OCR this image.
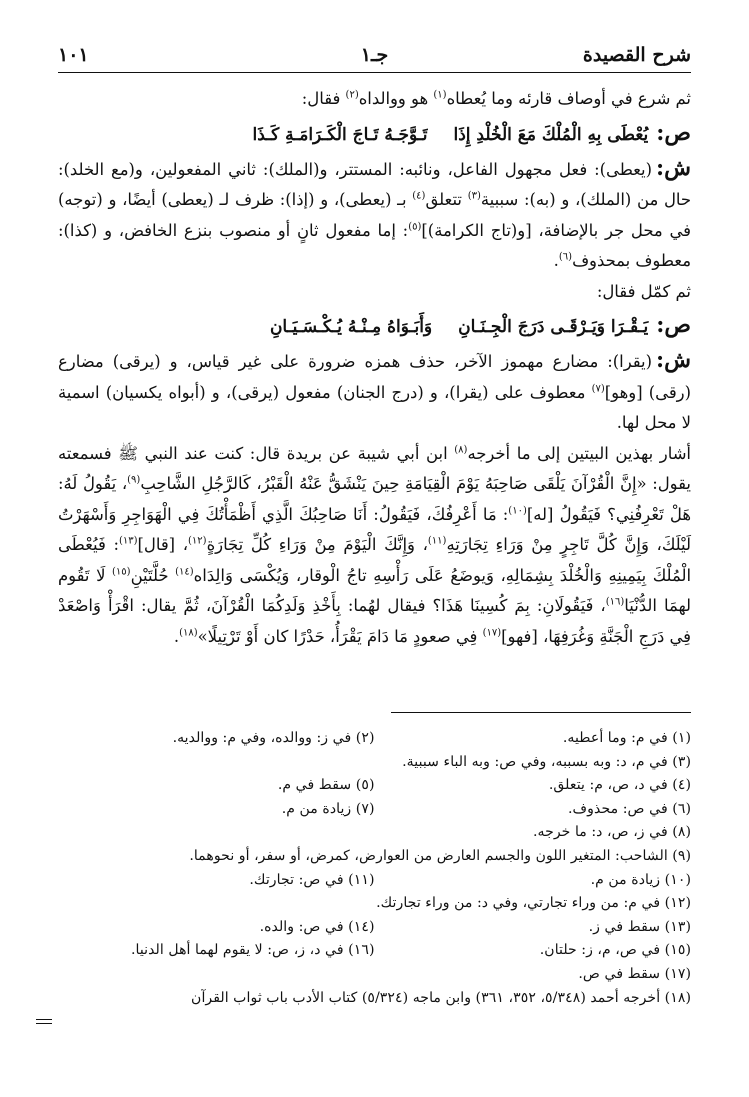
شرح القصيدة
جـ١
١٠١

ثم شرع في أوصاف قارئه وما يُعطاه$^{(١)}$ هو ووالداه$^{(٢)}$ فقال:

ص:يُعْطَى بِهِ الْمُلْكَ مَعَ الْخُلْدِ إِذَاتَـوَّجَـهُ تَـاجَ الْكَـرَامَـةِ كَـذَا

ش:(يعطى): فعل مجهول الفاعل، ونائبه: المستتر، و(الملك): ثاني المفعولين، و(مع الخلد): حال من (الملك)، و (به): سببية$^{(٣)}$ تتعلق$^{(٤)}$ بـ (يعطى)، و (إذا): ظرف لـ (يعطى) أيضًا، و (توجه) في محل جر بالإضافة، [و(تاج الكرامة)]$^{(٥)}$: إما مفعول ثانٍ أو منصوب بنزع الخافض، و (كذا): معطوف بمحذوف$^{(٦)}$.

ثم كمّل فقال:

ص:يَـقْـرَا وَيَـرْقَـى دَرَجَ الْجِـنَـانِوَأَبَـوَاهُ مِـنْـهُ يُـكْـسَـيَـانِ

ش:(يقرا): مضارع مهموز الآخر، حذف همزه ضرورة على غير قياس، و (يرقى) مضارع (رقى) [وهو]$^{(٧)}$ معطوف على (يقرا)، و (درج الجنان) مفعول (يرقى)، و (أبواه يكسيان) اسمية لا محل لها.

أشار بهذين البيتين إلى ما أخرجه$^{(٨)}$ ابن أبي شيبة عن بريدة قال: كنت عند النبي ﷺ فسمعته يقول: «إِنَّ الْقُرْآنَ يَلْقَى صَاحِبَهُ يَوْمَ الْقِيَامَةِ حِينَ يَنْشَقُّ عَنْهُ الْقَبْرُ، كَالرَّجُلِ الشَّاحِبِ$^{(٩)}$، يَقُولُ لَهُ: هَلْ تَعْرِفُنِي؟ فَيَقُولُ [له]$^{(١٠)}$: مَا أَعْرِفُكَ، فَيَقُولُ: أَنَا صَاحِبُكَ الَّذِي أَظْمَأْتُكَ فِي الْهَوَاجِرِ وَأَسْهَرْتُ لَيْلَكَ، وَإِنَّ كُلَّ تَاجِرٍ مِنْ وَرَاءِ تِجَارَتِهِ$^{(١١)}$، وَإِنَّكَ الْيَوْمَ مِنْ وَرَاءِ كُلِّ تِجَارَةٍ$^{(١٢)}$، [قال]$^{(١٣)}$: فَيُعْطَى الْمُلْكَ بِيَمِينِهِ وَالْخُلْدَ بِشِمَالِهِ، وَيوضَعُ عَلَى رَأْسِهِ تاجُ الْوقار، وَيُكْسَى وَالِدَاه$^{(١٤)}$ حُلَّتَيْنِ$^{(١٥)}$ لَا تَقُوم لهمَا الدُّنْيَا$^{(١٦)}$، فَيَقُولَانِ: بِمَ كُسِينَا هَذَا؟ فيقال لهُما: بِأَخْذِ وَلَدِكُمَا الْقُرْآنَ، ثُمَّ يقال: اقْرَأْ وَاصْعَدْ فِي دَرَجِ الْجَنَّةِ وَغُرَفِهَا، [فهو]$^{(١٧)}$ فِي صعودٍ مَا دَامَ يَقْرَأُ، حَدْرًا كان أَوْ تَرْتِيلًا»$^{(١٨)}$.

(١) في م: وما أعطيه.
(٢) في ز: ووالده، وفي م: ووالديه.
(٣) في م، د: وبه بسببه، وفي ص: وبه الباء سببية.
(٤) في د، ص، م: يتعلق.
(٥) سقط في م.
(٦) في ص: محذوف.
(٧) زيادة من م.
(٨) في ز، ص، د: ما خرجه.
(٩) الشاحب: المتغير اللون والجسم العارض من العوارض، كمرض، أو سفر، أو نحوهما.
(١٠) زيادة من م.
(١١) في ص: تجارتك.
(١٢) في م: من وراء تجارتي، وفي د: من وراء تجارتك.
(١٣) سقط في ز.
(١٤) في ص: والده.
(١٥) في ص، م، ز: حلتان.
(١٦) في د، ز، ص: لا يقوم لهما أهل الدنيا.
(١٧) سقط في ص.
(١٨) أخرجه أحمد (٥/٣٤٨، ٣٥٢، ٣٦١) وابن ماجه (٥/٣٢٤) كتاب الأدب باب ثواب القرآن
